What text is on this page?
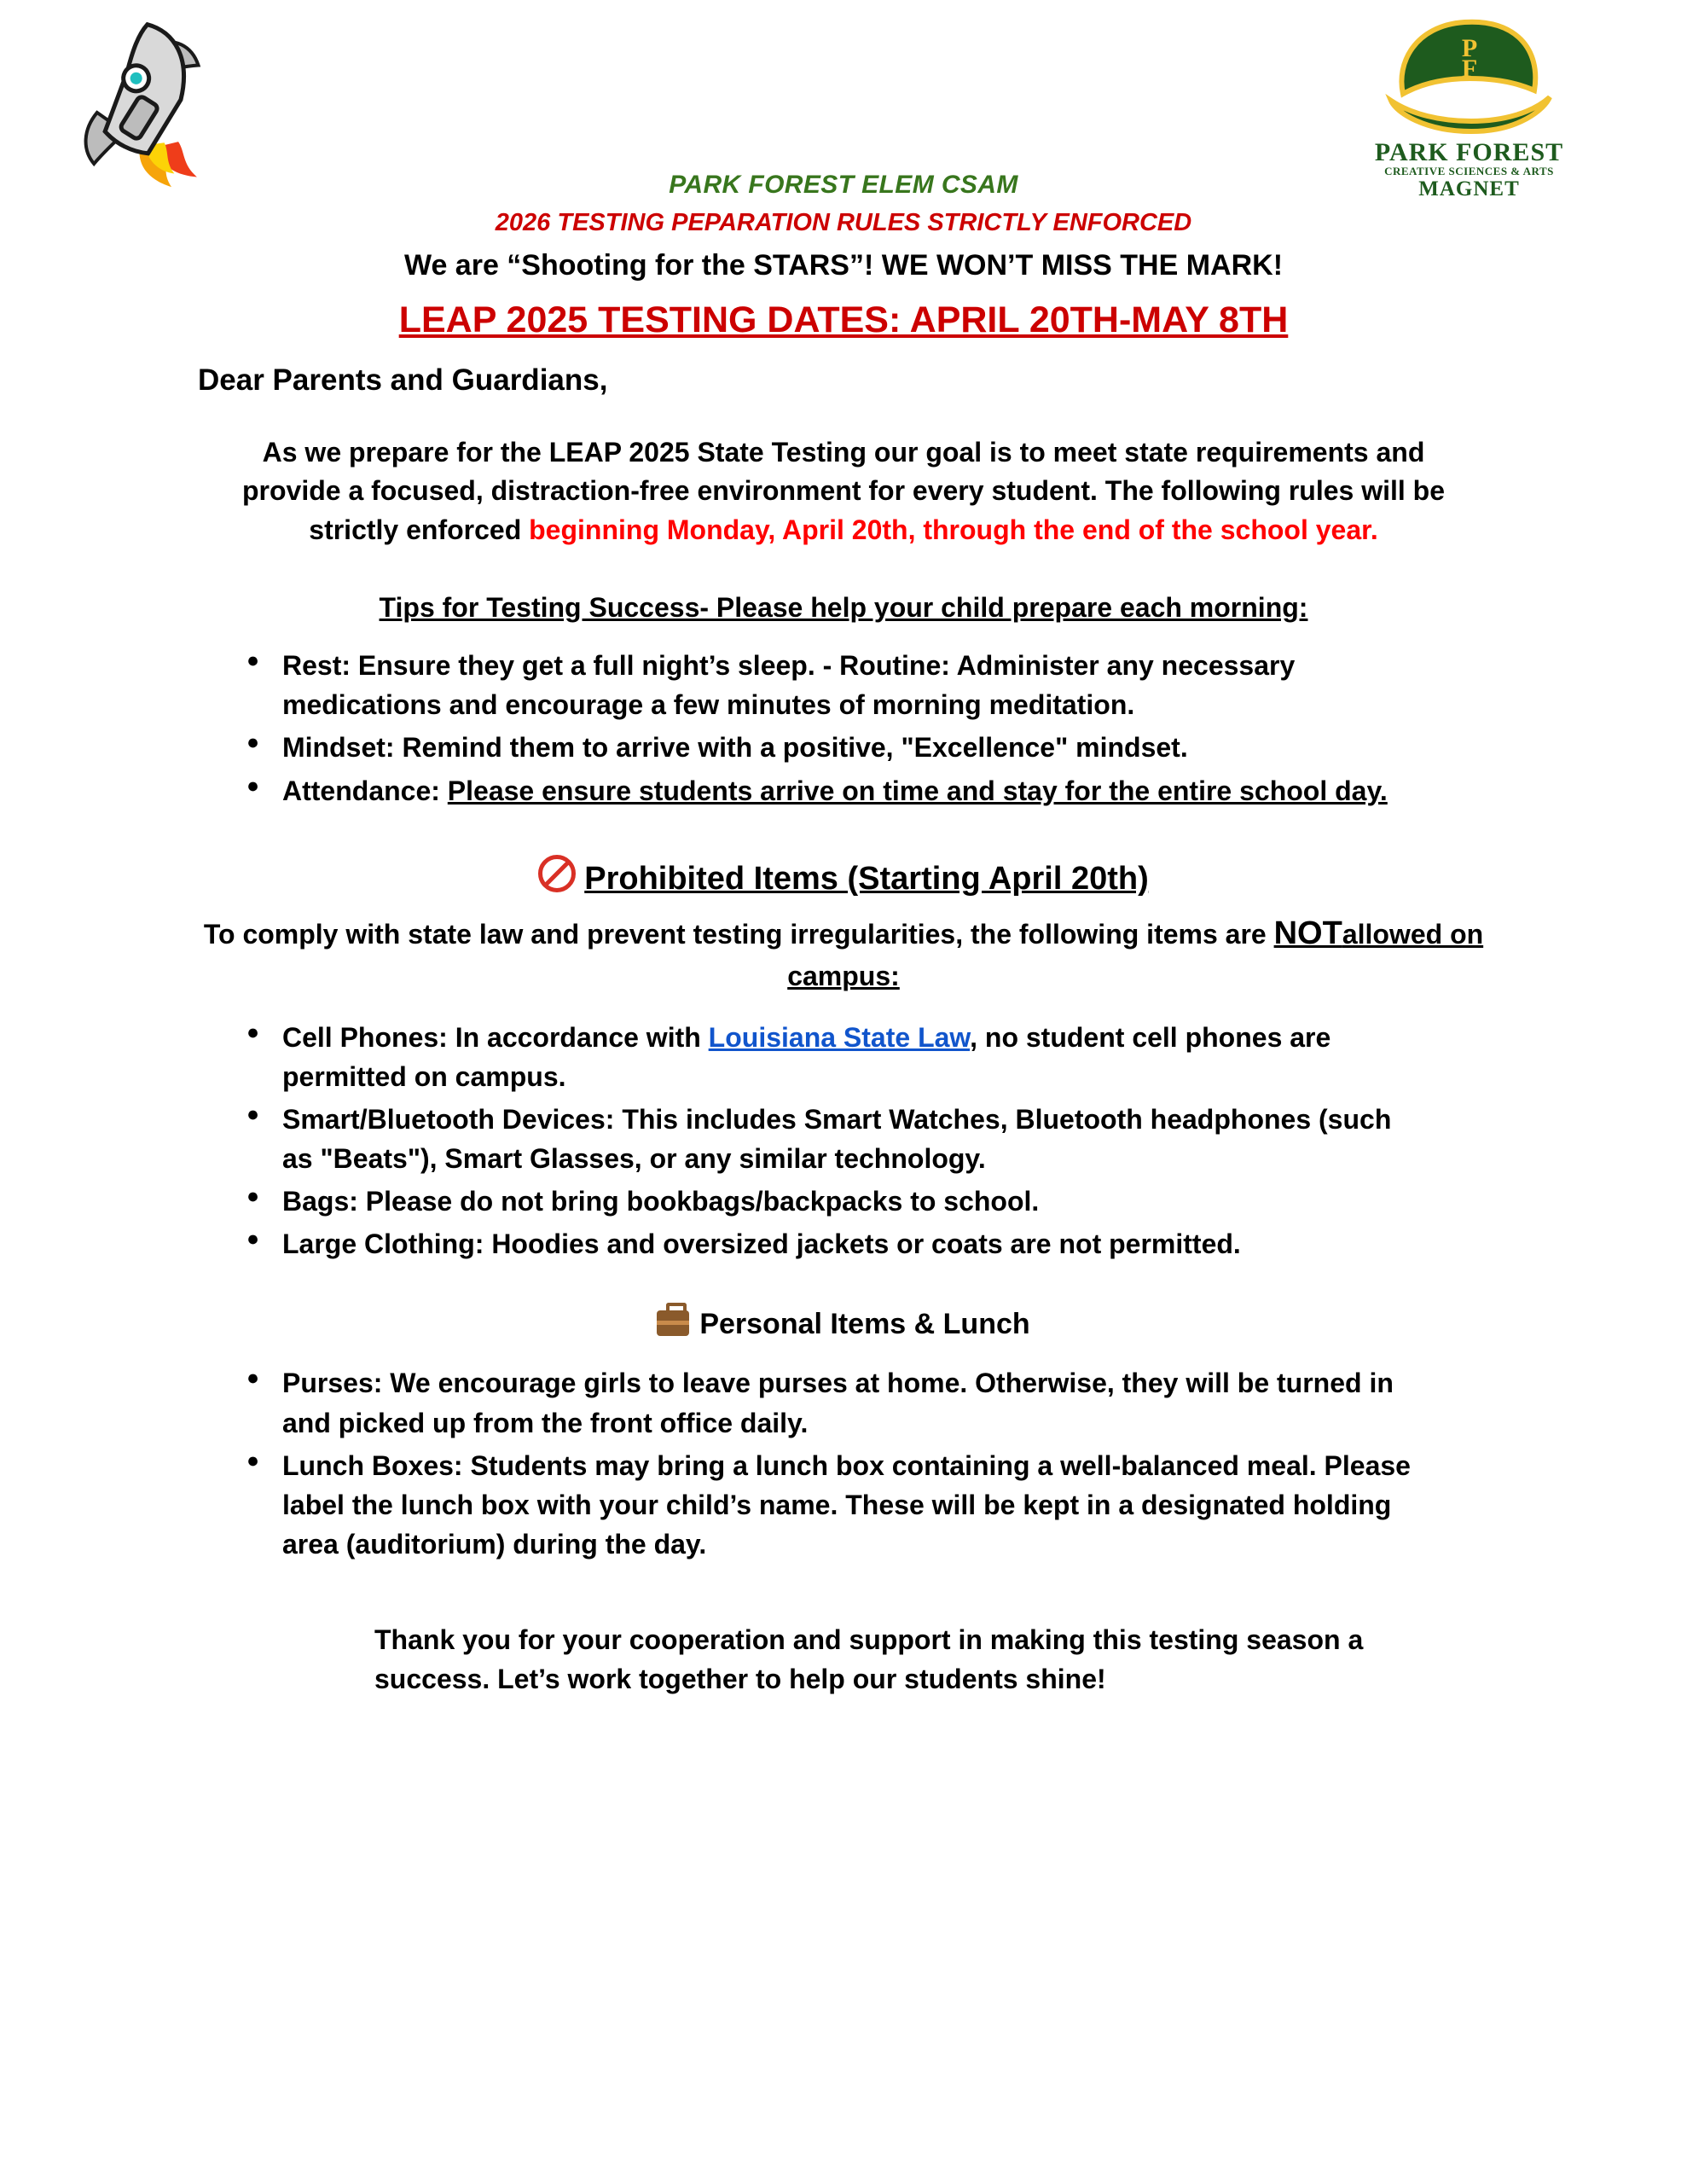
P
F
PARK FOREST
CREATIVE SCIENCES & ARTS
MAGNET
PARK FOREST ELEM CSAM
2026 TESTING PEPARATION RULES STRICTLY ENFORCED
We are “Shooting for the STARS”! WE WON’T MISS THE MARK!
LEAP 2025 TESTING DATES: APRIL 20TH-MAY 8TH
Dear Parents and Guardians,
As we prepare for the LEAP 2025 State Testing our goal is to meet state requirements and provide a focused, distraction-free environment for every student. The following rules will be strictly enforced beginning Monday, April 20th, through the end of the school year.
Tips for Testing Success- Please help your child prepare each morning:
● Rest: Ensure they get a full night’s sleep. - Routine: Administer any necessary medications and encourage a few minutes of morning meditation.
● Mindset: Remind them to arrive with a positive, "Excellence" mindset.
● Attendance: Please ensure students arrive on time and stay for the entire school day.
Prohibited Items (Starting April 20th)
To comply with state law and prevent testing irregularities, the following items are NOTallowed on campus:
● Cell Phones: In accordance with Louisiana State Law, no student cell phones are permitted on campus.
● Smart/Bluetooth Devices: This includes Smart Watches, Bluetooth headphones (such as "Beats"), Smart Glasses, or any similar technology.
● Bags: Please do not bring bookbags/backpacks to school.
● Large Clothing: Hoodies and oversized jackets or coats are not permitted.
Personal Items & Lunch
● Purses: We encourage girls to leave purses at home. Otherwise, they will be turned in and picked up from the front office daily.
● Lunch Boxes: Students may bring a lunch box containing a well-balanced meal. Please label the lunch box with your child’s name. These will be kept in a designated holding area (auditorium) during the day.
Thank you for your cooperation and support in making this testing season a success. Let’s work together to help our students shine!
